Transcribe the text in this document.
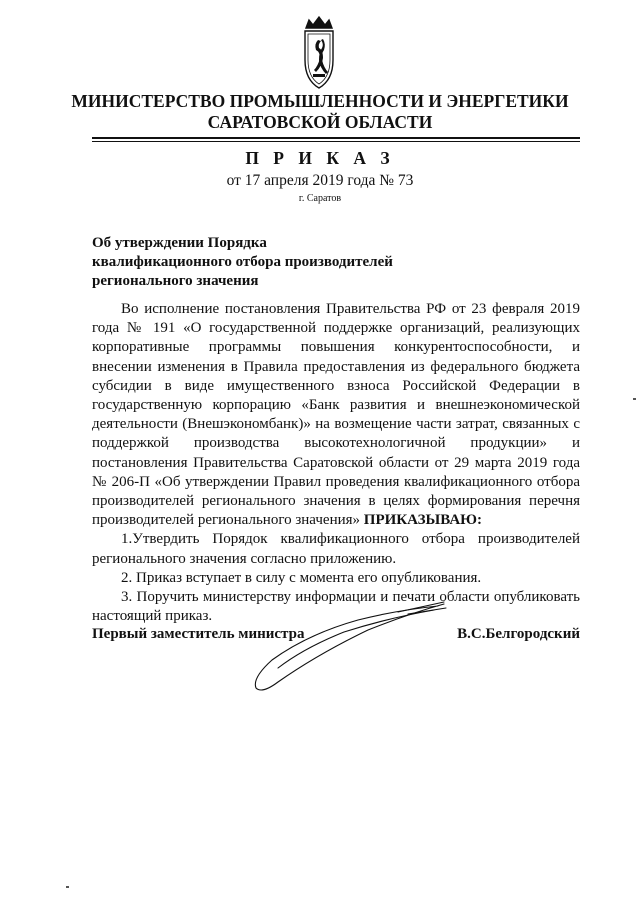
МИНИСТЕРСТВО ПРОМЫШЛЕННОСТИ И ЭНЕРГЕТИКИ
САРАТОВСКОЙ ОБЛАСТИ
П Р И К А З

от 17 апреля 2019 года № 73

г. Саратов

Об утверждении Порядка
квалификационного отбора производителей
регионального значения

Во исполнение постановления Правительства РФ от 23 февраля 2019 года № 191 «О государственной поддержке организаций, реализующих корпоративные программы повышения конкурентоспособности, и внесении изменения в Правила предоставления из федерального бюджета субсидии в виде имущественного взноса Российской Федерации в государственную корпорацию «Банк развития и внешнеэкономической деятельности (Внешэкономбанк)» на возмещение части затрат, связанных с поддержкой производства высокотехнологичной продукции» и постановления Правительства Саратовской области от 29 марта 2019 года № 206-П «Об утверждении Правил проведения квалификационного отбора производителей регионального значения в целях формирования перечня производителей регионального значения» ПРИКАЗЫВАЮ:

1.Утвердить Порядок квалификационного отбора производителей регионального значения согласно приложению.

2. Приказ вступает в силу с момента его опубликования.

3. Поручить министерству информации и печати области опубликовать настоящий приказ.

Первый заместитель министра	В.С.Белгородский
